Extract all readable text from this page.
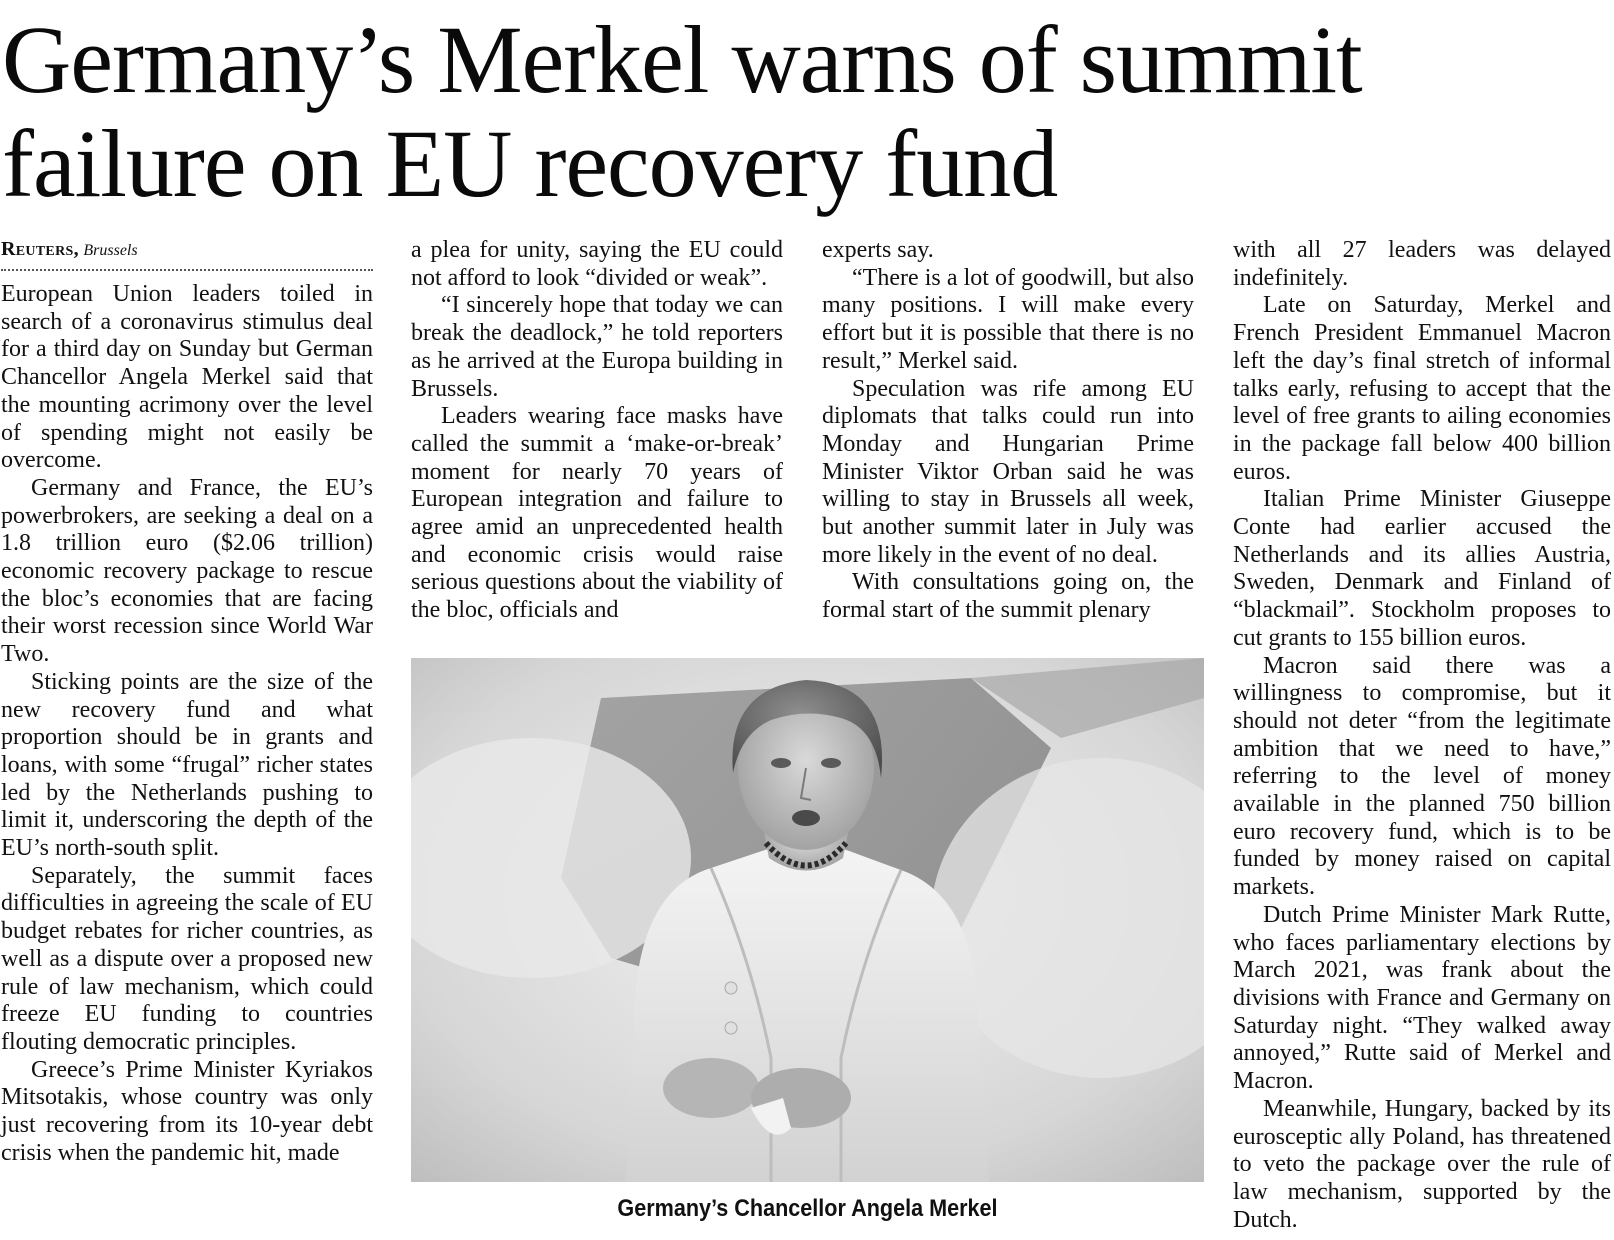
Germany’s Merkel warns of summit
failure on EU recovery fund
Reuters, Brussels

European Union leaders toiled in search of a coronavirus stimulus deal for a third day on Sunday but German Chancellor Angela Merkel said that the mounting acrimony over the level of spending might not easily be overcome.

Germany and France, the EU’s powerbrokers, are seeking a deal on a 1.8 trillion euro ($2.06 trillion) economic recovery package to rescue the bloc’s economies that are facing their worst recession since World War Two.

Sticking points are the size of the new recovery fund and what proportion should be in grants and loans, with some “frugal” richer states led by the Netherlands pushing to limit it, underscoring the depth of the EU’s north-south split.

Separately, the summit faces difficulties in agreeing the scale of EU budget rebates for richer countries, as well as a dispute over a proposed new rule of law mechanism, which could freeze EU funding to countries flouting democratic principles.

Greece’s Prime Minister Kyriakos Mitsotakis, whose country was only just recovering from its 10-year debt crisis when the pandemic hit, made

a plea for unity, saying the EU could not afford to look “divided or weak”.

“I sincerely hope that today we can break the deadlock,” he told reporters as he arrived at the Europa building in Brussels.

Leaders wearing face masks have called the summit a ‘make-or-break’ moment for nearly 70 years of European integration and failure to agree amid an unprecedented health and economic crisis would raise serious questions about the viability of the bloc, officials and

experts say.

“There is a lot of goodwill, but also many positions. I will make every effort but it is possible that there is no result,” Merkel said.

Speculation was rife among EU diplomats that talks could run into Monday and Hungarian Prime Minister Viktor Orban said he was willing to stay in Brussels all week, but another summit later in July was more likely in the event of no deal.

With consultations going on, the formal start of the summit plenary

with all 27 leaders was delayed indefinitely.

Late on Saturday, Merkel and French President Emmanuel Macron left the day’s final stretch of informal talks early, refusing to accept that the level of free grants to ailing economies in the package fall below 400 billion euros.

Italian Prime Minister Giuseppe Conte had earlier accused the Netherlands and its allies Austria, Sweden, Denmark and Finland of “blackmail”. Stockholm proposes to cut grants to 155 billion euros.

Macron said there was a willingness to compromise, but it should not deter “from the legitimate ambition that we need to have,” referring to the level of money available in the planned 750 billion euro recovery fund, which is to be funded by money raised on capital markets.

Dutch Prime Minister Mark Rutte, who faces parliamentary elections by March 2021, was frank about the divisions with France and Germany on Saturday night. “They walked away annoyed,” Rutte said of Merkel and Macron.

Meanwhile, Hungary, backed by its eurosceptic ally Poland, has threatened to veto the package over the rule of law mechanism, supported by the Dutch.

Germany’s Chancellor Angela Merkel
